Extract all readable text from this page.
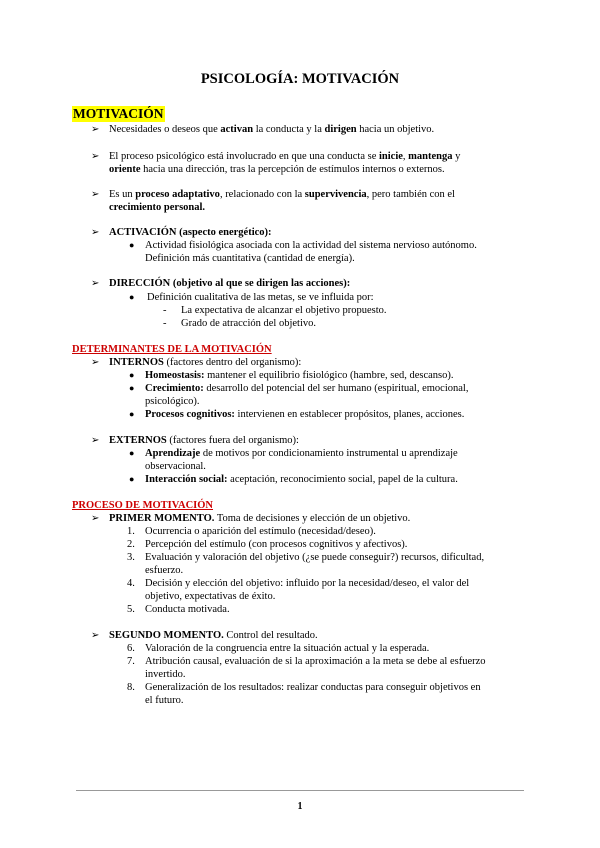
PSICOLOGÍA: MOTIVACIÓN
MOTIVACIÓN
➢ Necesidades o deseos que activan la conducta y la dirigen hacia un objetivo.
➢ El proceso psicológico está involucrado en que una conducta se inicie, mantenga y
oriente hacia una dirección, tras la percepción de estímulos internos o externos.
➢ Es un proceso adaptativo, relacionado con la supervivencia, pero también con el
crecimiento personal.
➢ ACTIVACIÓN (aspecto energético):
● Actividad fisiológica asociada con la actividad del sistema nervioso autónomo.
Definición más cuantitativa (cantidad de energía).
➢ DIRECCIÓN (objetivo al que se dirigen las acciones):
● Definición cualitativa de las metas, se ve influida por:
- La expectativa de alcanzar el objetivo propuesto.
- Grado de atracción del objetivo.
DETERMINANTES DE LA MOTIVACIÓN
➢ INTERNOS (factores dentro del organismo):
● Homeostasis: mantener el equilibrio fisiológico (hambre, sed, descanso).
● Crecimiento: desarrollo del potencial del ser humano (espiritual, emocional,
psicológico).
● Procesos cognitivos: intervienen en establecer propósitos, planes, acciones.
➢ EXTERNOS (factores fuera del organismo):
● Aprendizaje de motivos por condicionamiento instrumental u aprendizaje
observacional.
● Interacción social: aceptación, reconocimiento social, papel de la cultura.
PROCESO DE MOTIVACIÓN
➢ PRIMER MOMENTO. Toma de decisiones y elección de un objetivo.
1. Ocurrencia o aparición del estímulo (necesidad/deseo).
2. Percepción del estímulo (con procesos cognitivos y afectivos).
3. Evaluación y valoración del objetivo (¿se puede conseguir?) recursos, dificultad,
esfuerzo.
4. Decisión y elección del objetivo: influido por la necesidad/deseo, el valor del
objetivo, expectativas de éxito.
5. Conducta motivada.
➢ SEGUNDO MOMENTO. Control del resultado.
6. Valoración de la congruencia entre la situación actual y la esperada.
7. Atribución causal, evaluación de si la aproximación a la meta se debe al esfuerzo
invertido.
8. Generalización de los resultados: realizar conductas para conseguir objetivos en
el futuro.
1
